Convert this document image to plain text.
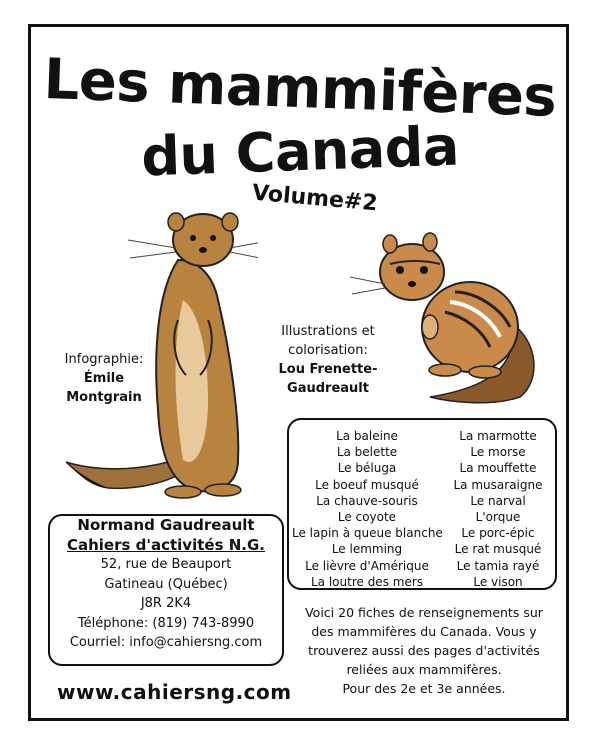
Les mammifères
du Canada
Volume#2
Infographie:
Émile
Montgrain
Illustrations et
colorisation:
Lou Frenette-
Gaudreault
La baleine
La belette
Le béluga
Le boeuf musqué
La chauve-souris
Le coyote
Le lapin à queue blanche
Le lemming
Le lièvre d'Amérique
La loutre des mers
La marmotte
Le morse
La mouffette
La musaraigne
Le narval
L'orque
Le porc-épic
Le rat musqué
Le tamia rayé
Le vison
Normand Gaudreault
Cahiers d'activités N.G.
52, rue de Beauport
Gatineau (Québec)
J8R 2K4
Téléphone: (819) 743-8990
Courriel: info@cahiersng.com
www.cahiersng.com
Voici 20 fiches de renseignements sur
des mammifères du Canada. Vous y
trouverez aussi des pages d'activités
reliées aux mammifères.
Pour des 2e et 3e années.
